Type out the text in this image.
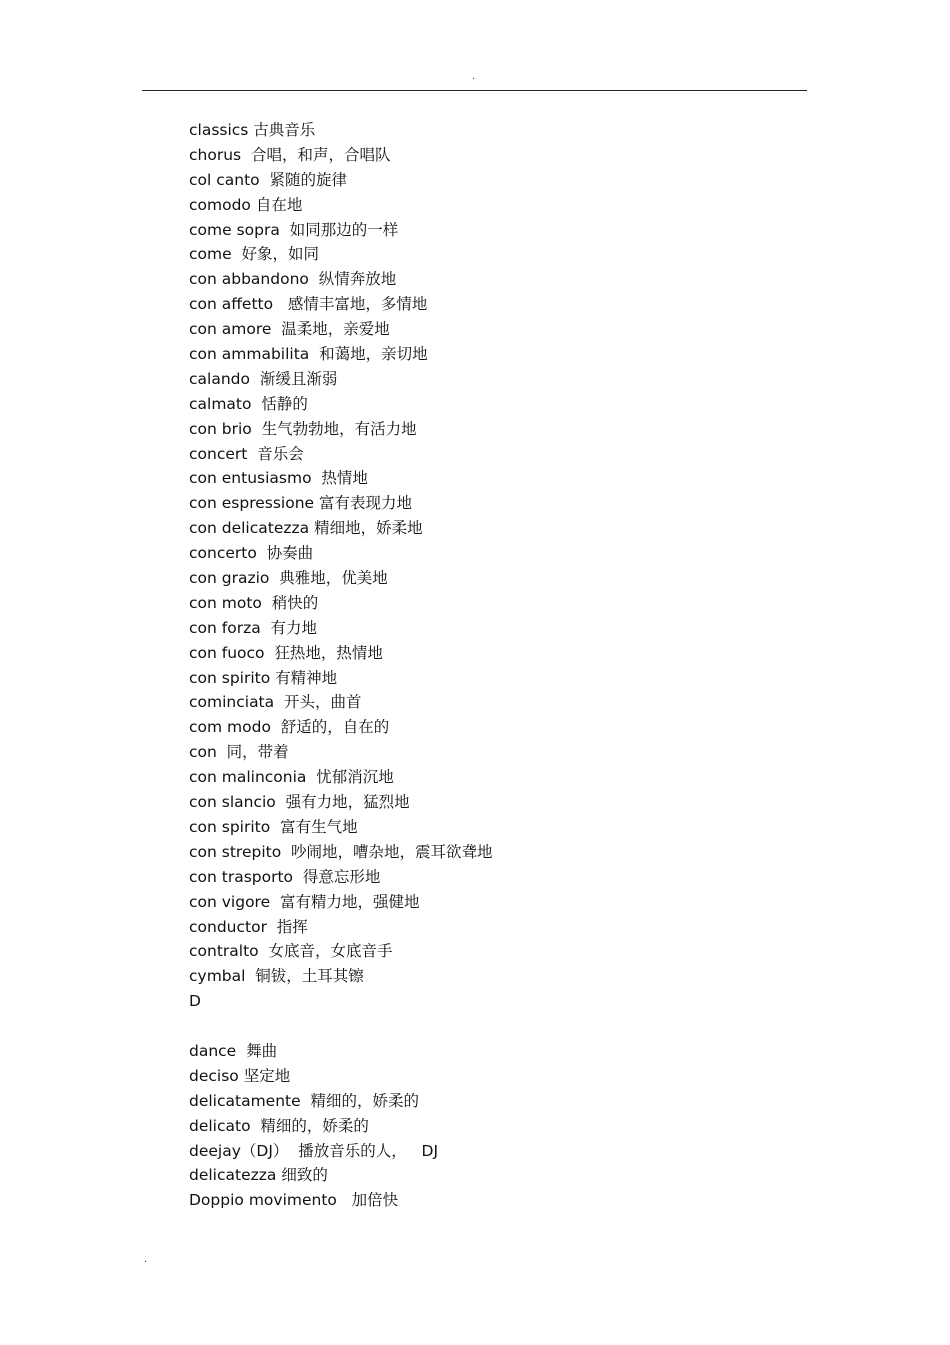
.
classics 古典音乐
chorus  合唱，和声，合唱队
col canto  紧随的旋律
comodo 自在地
come sopra  如同那边的一样
come  好象，如同
con abbandono  纵情奔放地
con affetto   感情丰富地，多情地
con amore  温柔地，亲爱地
con ammabilita  和蔼地，亲切地
calando  渐缓且渐弱
calmato  恬静的
con brio  生气勃勃地，有活力地
concert  音乐会
con entusiasmo  热情地
con espressione 富有表现力地
con delicatezza 精细地，娇柔地
concerto  协奏曲
con grazio  典雅地，优美地
con moto  稍快的
con forza  有力地
con fuoco  狂热地，热情地
con spirito 有精神地
cominciata  开头，曲首
com modo  舒适的，自在的
con  同，带着
con malinconia  忧郁消沉地
con slancio  强有力地，猛烈地
con spirito  富有生气地
con strepito  吵闹地，嘈杂地，震耳欲聋地
con trasporto  得意忘形地
con vigore  富有精力地，强健地
conductor  指挥
contralto  女底音，女底音手
cymbal  铜钹，土耳其镲
D
dance  舞曲
deciso 坚定地
delicatamente  精细的，娇柔的
delicato  精细的，娇柔的
deejay（DJ）  播放音乐的人，   DJ
delicatezza 细致的
Doppio movimento   加倍快
.
